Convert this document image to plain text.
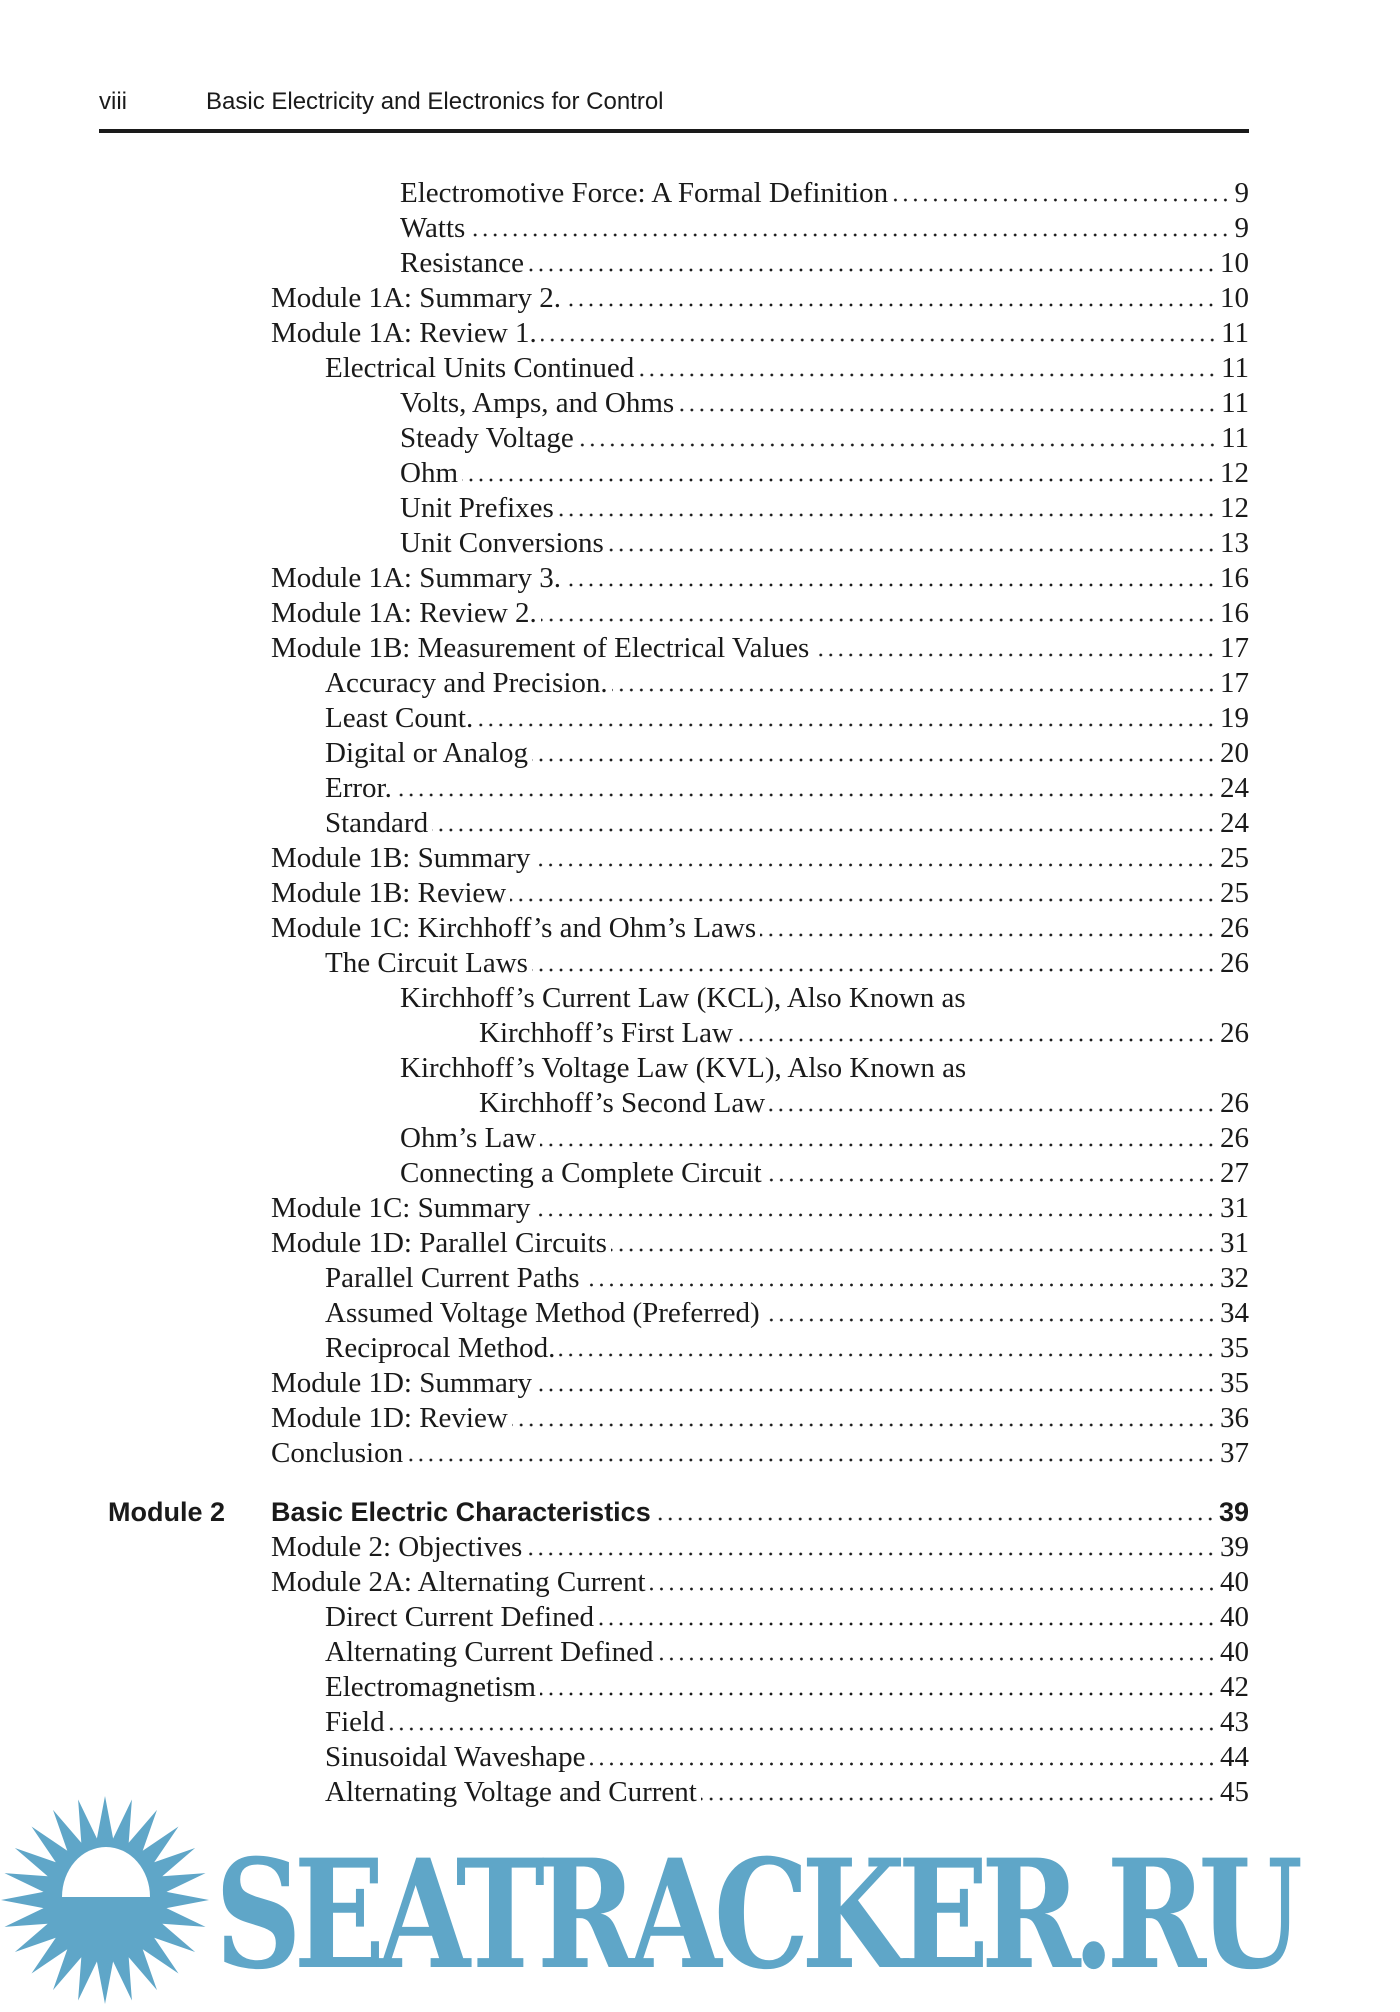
viii	Basic Electricity and Electronics for Control
Electromotive Force: A Formal Definition	9
Watts	9
Resistance	10
Module 1A: Summary 2.	10
Module 1A: Review 1.	11
Electrical Units Continued	11
Volts, Amps, and Ohms	11
Steady Voltage	11
Ohm	12
Unit Prefixes	12
Unit Conversions	13
Module 1A: Summary 3.	16
Module 1A: Review 2.	16
Module 1B: Measurement of Electrical Values	17
Accuracy and Precision.	17
Least Count.	19
Digital or Analog	20
Error.	24
Standard	24
Module 1B: Summary	25
Module 1B: Review	25
Module 1C: Kirchhoff’s and Ohm’s Laws	26
The Circuit Laws	26
Kirchhoff’s Current Law (KCL), Also Known as
Kirchhoff’s First Law	26
Kirchhoff’s Voltage Law (KVL), Also Known as
Kirchhoff’s Second Law	26
Ohm’s Law	26
Connecting a Complete Circuit	27
Module 1C: Summary	31
Module 1D: Parallel Circuits	31
Parallel Current Paths	32
Assumed Voltage Method (Preferred)	34
Reciprocal Method.	35
Module 1D: Summary	35
Module 1D: Review	36
Conclusion	37
Module 2 Basic Electric Characteristics	39
Module 2: Objectives	39
Module 2A: Alternating Current	40
Direct Current Defined	40
Alternating Current Defined	40
Electromagnetism	42
Field	43
Sinusoidal Waveshape	44
Alternating Voltage and Current	45
SEATRACKER.RU
